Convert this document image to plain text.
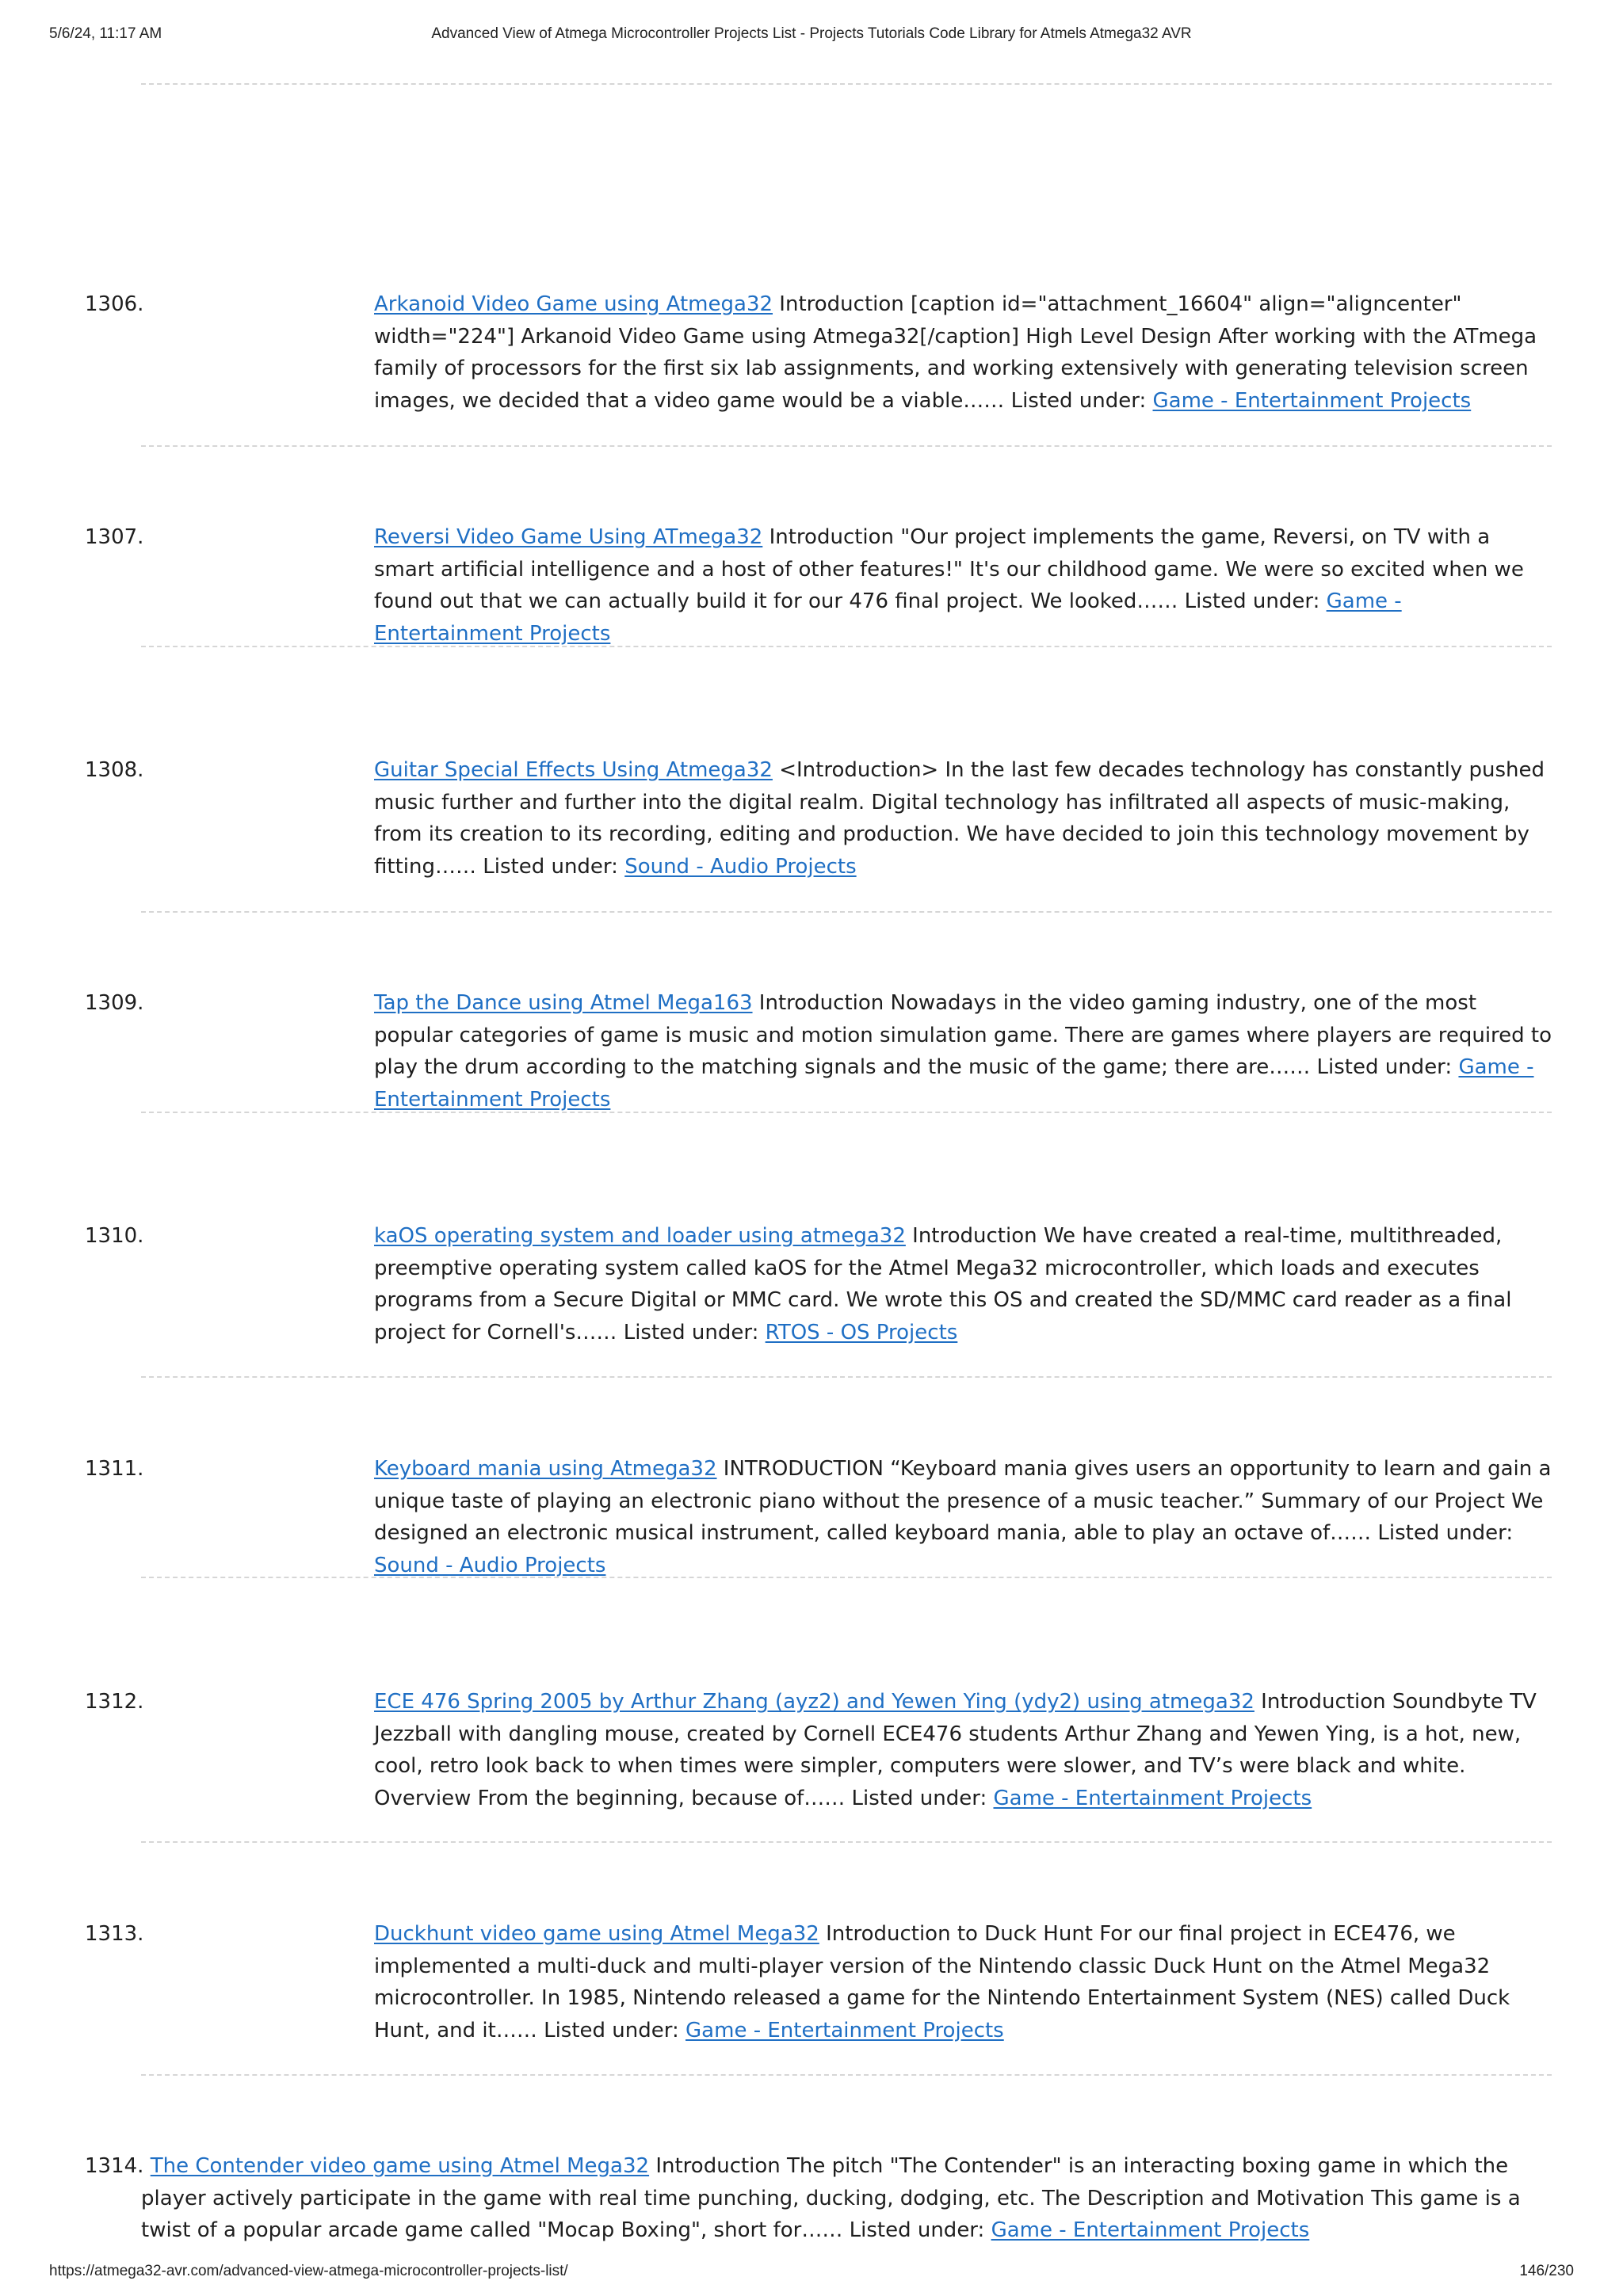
5/6/24, 11:17 AM	Advanced View of Atmega Microcontroller Projects List - Projects Tutorials Code Library for Atmels Atmega32 AVR
1306.	Arkanoid Video Game using Atmega32 Introduction [caption id="attachment_16604" align="aligncenter" width="224"] Arkanoid Video Game using Atmega32[/caption] High Level Design After working with the ATmega family of processors for the first six lab assignments, and working extensively with generating television screen images, we decided that a video game would be a viable…… Listed under: Game - Entertainment Projects
1307.	Reversi Video Game Using ATmega32 Introduction "Our project implements the game, Reversi, on TV with a smart artificial intelligence and a host of other features!" It's our childhood game. We were so excited when we found out that we can actually build it for our 476 final project. We looked…… Listed under: Game - Entertainment Projects
1308.	Guitar Special Effects Using Atmega32 <Introduction> In the last few decades technology has constantly pushed music further and further into the digital realm. Digital technology has infiltrated all aspects of music-making, from its creation to its recording, editing and production. We have decided to join this technology movement by fitting…… Listed under: Sound - Audio Projects
1309.	Tap the Dance using Atmel Mega163 Introduction Nowadays in the video gaming industry, one of the most popular categories of game is music and motion simulation game. There are games where players are required to play the drum according to the matching signals and the music of the game; there are…… Listed under: Game - Entertainment Projects
1310.	kaOS operating system and loader using atmega32 Introduction We have created a real-time, multithreaded, preemptive operating system called kaOS for the Atmel Mega32 microcontroller, which loads and executes programs from a Secure Digital or MMC card. We wrote this OS and created the SD/MMC card reader as a final project for Cornell's…… Listed under: RTOS - OS Projects
1311.	Keyboard mania using Atmega32 INTRODUCTION “Keyboard mania gives users an opportunity to learn and gain a unique taste of playing an electronic piano without the presence of a music teacher.” Summary of our Project We designed an electronic musical instrument, called keyboard mania, able to play an octave of…… Listed under: Sound - Audio Projects
1312.	ECE 476 Spring 2005 by Arthur Zhang (ayz2) and Yewen Ying (ydy2) using atmega32 Introduction Soundbyte TV Jezzball with dangling mouse, created by Cornell ECE476 students Arthur Zhang and Yewen Ying, is a hot, new, cool, retro look back to when times were simpler, computers were slower, and TV’s were black and white. Overview From the beginning, because of…… Listed under: Game - Entertainment Projects
1313.	Duckhunt video game using Atmel Mega32 Introduction to Duck Hunt For our final project in ECE476, we implemented a multi-duck and multi-player version of the Nintendo classic Duck Hunt on the Atmel Mega32 microcontroller. In 1985, Nintendo released a game for the Nintendo Entertainment System (NES) called Duck Hunt, and it…… Listed under: Game - Entertainment Projects
1314. The Contender video game using Atmel Mega32 Introduction The pitch "The Contender" is an interacting boxing game in which the player actively participate in the game with real time punching, ducking, dodging, etc. The Description and Motivation This game is a twist of a popular arcade game called "Mocap Boxing", short for…… Listed under: Game - Entertainment Projects
https://atmega32-avr.com/advanced-view-atmega-microcontroller-projects-list/	146/230
